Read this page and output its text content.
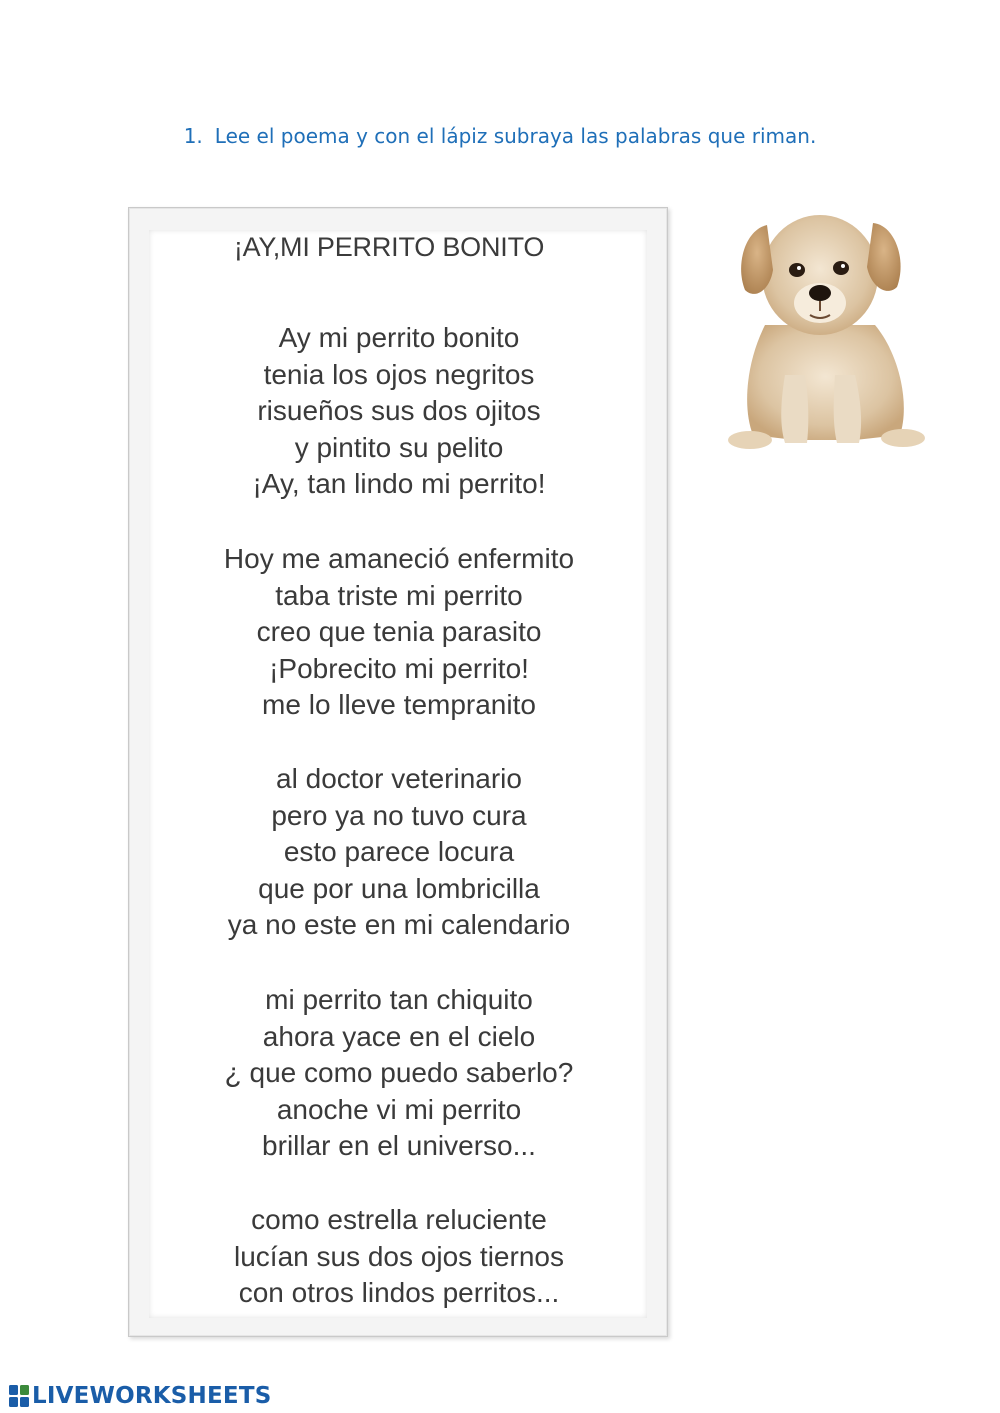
1. Lee el poema y con el lápiz subraya las palabras que riman.
¡AY,MI PERRITO BONITO
Ay mi perrito bonito
tenia los ojos negritos
risueños sus dos ojitos
y pintito su pelito
¡Ay, tan lindo mi perrito!
Hoy me amaneció enfermito
taba triste mi perrito
creo que tenia parasito
¡Pobrecito mi perrito!
me lo lleve tempranito
al doctor veterinario
pero ya no tuvo cura
esto parece locura
que por una lombricilla
ya no este en mi calendario
mi perrito tan chiquito
ahora yace en el cielo
¿ que como puedo saberlo?
anoche vi mi perrito
brillar en el universo...
como estrella reluciente
lucían sus dos ojos tiernos
con otros lindos perritos...
LIVEWORKSHEETS
